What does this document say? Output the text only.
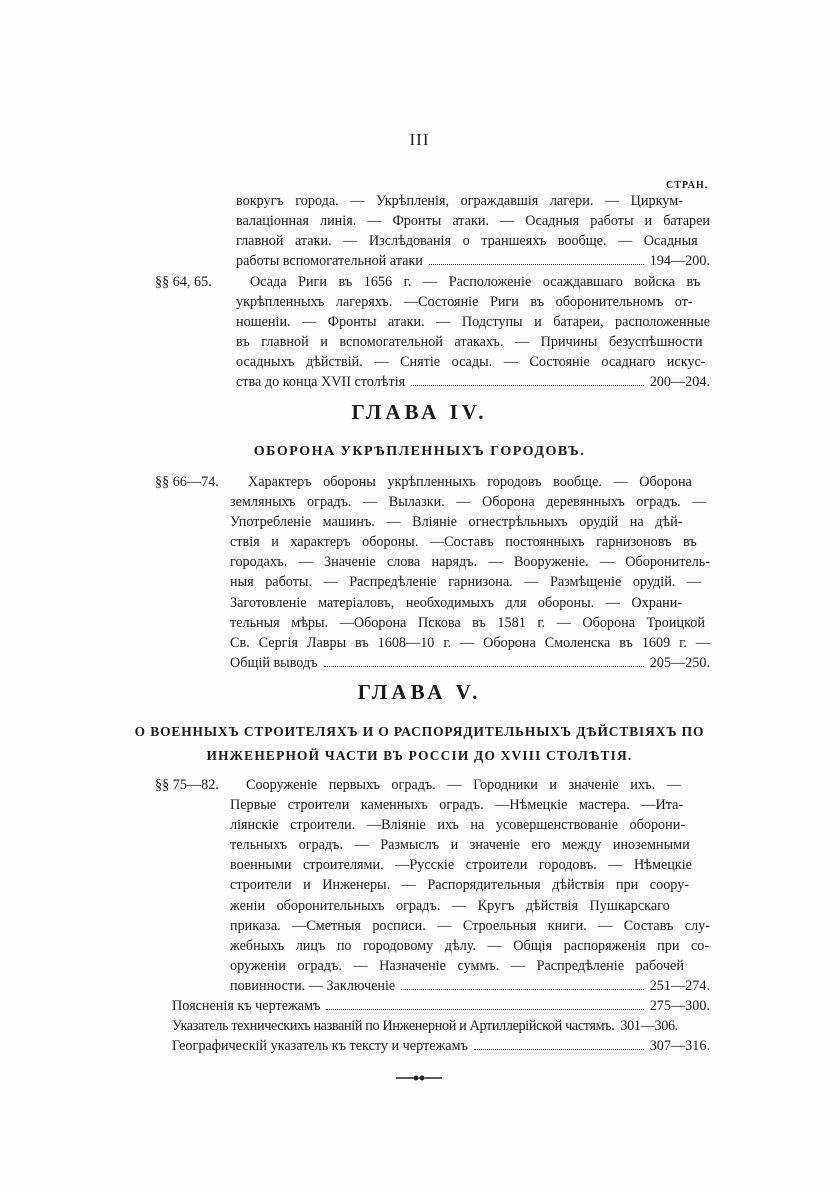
III
СТРАН.
вокругъ города. — Укрѣпленія, ограждавшія лагери. — Циркум-
валаціонная линія. — Фронты атаки. — Осадныя работы и батареи
главной атаки. — Изслѣдованія о траншеяхъ вообще. — Осадныя
работы вспомогательной атаки	194—200.
§§ 64, 65.	Осада Риги въ 1656 г. — Расположеніе осаждавшаго войска въ
укрѣпленныхъ лагеряхъ. —Состояніе Риги въ оборонительномъ от-
ношеніи. — Фронты атаки. — Подступы и батареи, расположенные
въ главной и вспомогательной атакахъ. — Причины безуспѣшности
осадныхъ дѣйствій. — Снятіе осады. — Состояніе осаднаго искус-
ства до конца XVII столѣтія	200—204.
ГЛАВА IV.
ОБОРОНА УКРѢПЛЕННЫХЪ ГОРОДОВЪ.
§§ 66—74.	Характеръ обороны укрѣпленныхъ городовъ вообще. — Оборона
земляныхъ оградъ. — Вылазки. — Оборона деревянныхъ оградъ. —
Употребленіе машинъ. — Вліяніе огнестрѣльныхъ орудій на дѣй-
ствія и характеръ обороны. —Составъ постоянныхъ гарнизоновъ въ
городахъ. — Значеніе слова нарядъ. — Вооруженіе. — Оборонитель-
ныя работы. — Распредѣленіе гарнизона. — Размѣщеніе орудій. —
Заготовленіе матеріаловъ, необходимыхъ для обороны. — Охрани-
тельныя мѣры. —Оборона Пскова въ 1581 г. — Оборона Троицкой
Св. Сергія Лавры въ 1608—10 г. — Оборона Смоленска въ 1609 г. —
Общій выводъ	205—250.
ГЛАВА V.
О ВОЕННЫХЪ СТРОИТЕЛЯХЪ И О РАСПОРЯДИТЕЛЬНЫХЪ ДѢЙСТВІЯХЪ ПО
ИНЖЕНЕРНОЙ ЧАСТИ ВЪ РОССІИ ДО XVIII СТОЛѢТІЯ.
§§ 75—82.	Сооруженіе первыхъ оградъ. — Городники и значеніе ихъ. —
Первые строители каменныхъ оградъ. —Нѣмецкіе мастера. —Ита-
ліянскіе строители. —Вліяніе ихъ на усовершенствованіе оборони-
тельныхъ оградъ. — Размыслъ и значеніе его между иноземными
военными строителями. —Русскіе строители городовъ. — Нѣмецкіе
строители и Инженеры. — Распорядительныя дѣйствія при соору-
женіи оборонительныхъ оградъ. — Кругъ дѣйствія Пушкарскаго
приказа. —Сметныя росписи. — Строельныя книги. — Составъ слу-
жебныхъ лицъ по городовому дѣлу. — Общія распоряженія при со-
оруженіи оградъ. — Назначеніе суммъ. — Распредѣленіе рабочей
повинности. — Заключеніе	251—274.
Поясненія къ чертежамъ	275—300.
Указатель техническихъ названій по Инженерной и Артиллерійской частямъ. 301—306.
Географическій указатель къ тексту и чертежамъ	307—316.
